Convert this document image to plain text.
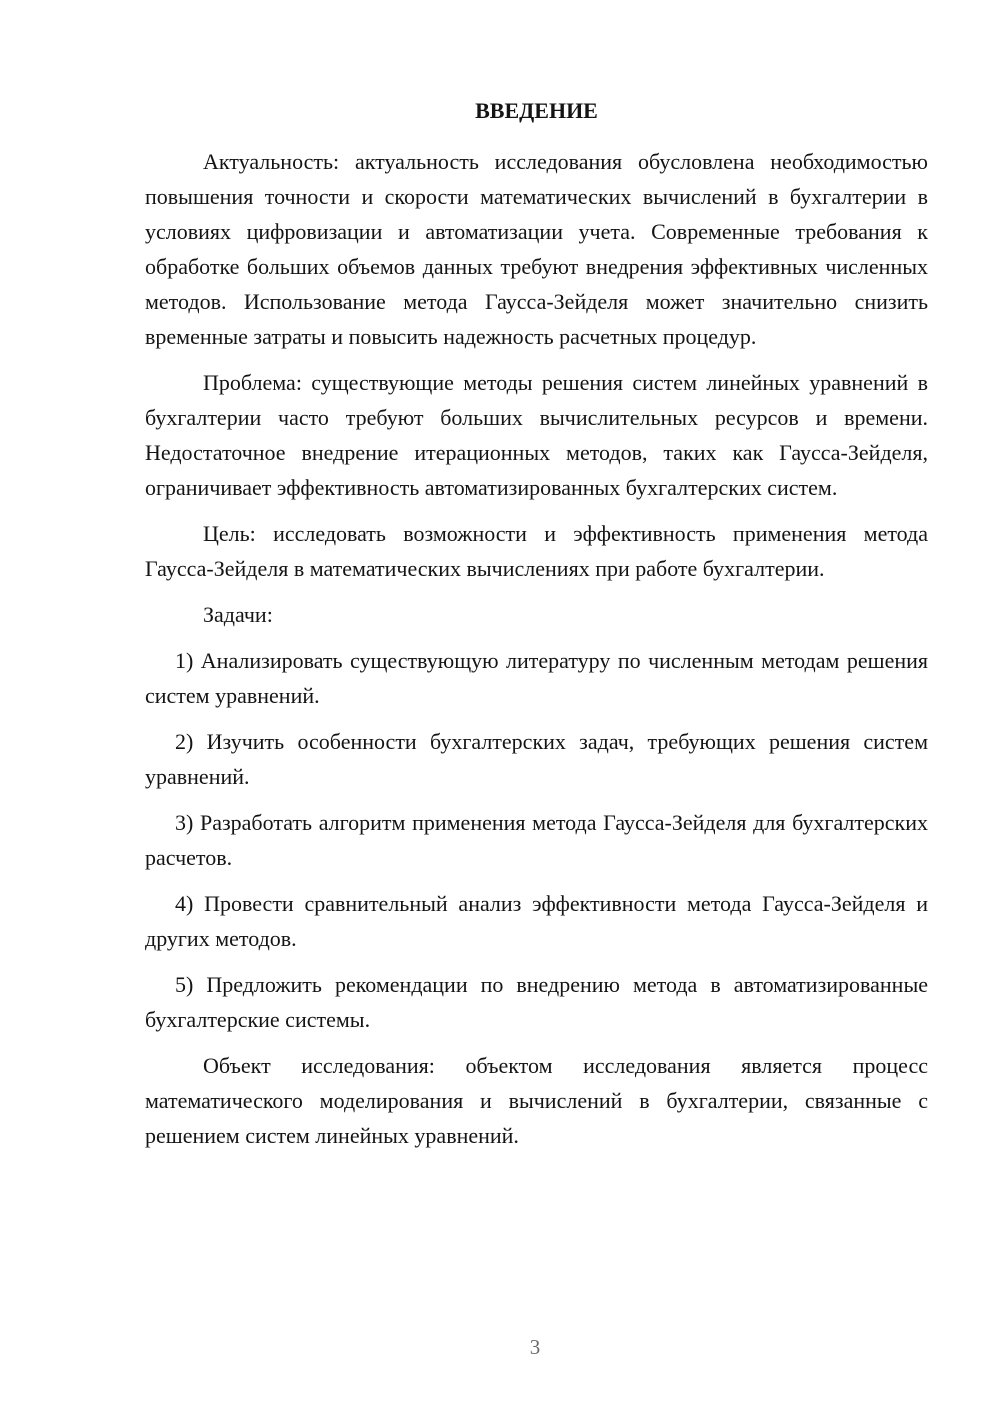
ВВЕДЕНИЕ

Актуальность: актуальность исследования обусловлена необходимостью повышения точности и скорости математических вычислений в бухгалтерии в условиях цифровизации и автоматизации учета. Современные требования к обработке больших объемов данных требуют внедрения эффективных численных методов. Использование метода Гаусса-Зейделя может значительно снизить временные затраты и повысить надежность расчетных процедур.

Проблема: существующие методы решения систем линейных уравнений в бухгалтерии часто требуют больших вычислительных ресурсов и времени. Недостаточное внедрение итерационных методов, таких как Гаусса-Зейделя, ограничивает эффективность автоматизированных бухгалтерских систем.

Цель: исследовать возможности и эффективность применения метода Гаусса-Зейделя в математических вычислениях при работе бухгалтерии.

Задачи:

1) Анализировать существующую литературу по численным методам решения систем уравнений.
2) Изучить особенности бухгалтерских задач, требующих решения систем уравнений.
3) Разработать алгоритм применения метода Гаусса-Зейделя для бухгалтерских расчетов.
4) Провести сравнительный анализ эффективности метода Гаусса-Зейделя и других методов.
5) Предложить рекомендации по внедрению метода в автоматизированные бухгалтерские системы.

Объект исследования: объектом исследования является процесс математического моделирования и вычислений в бухгалтерии, связанные с решением систем линейных уравнений.

3
